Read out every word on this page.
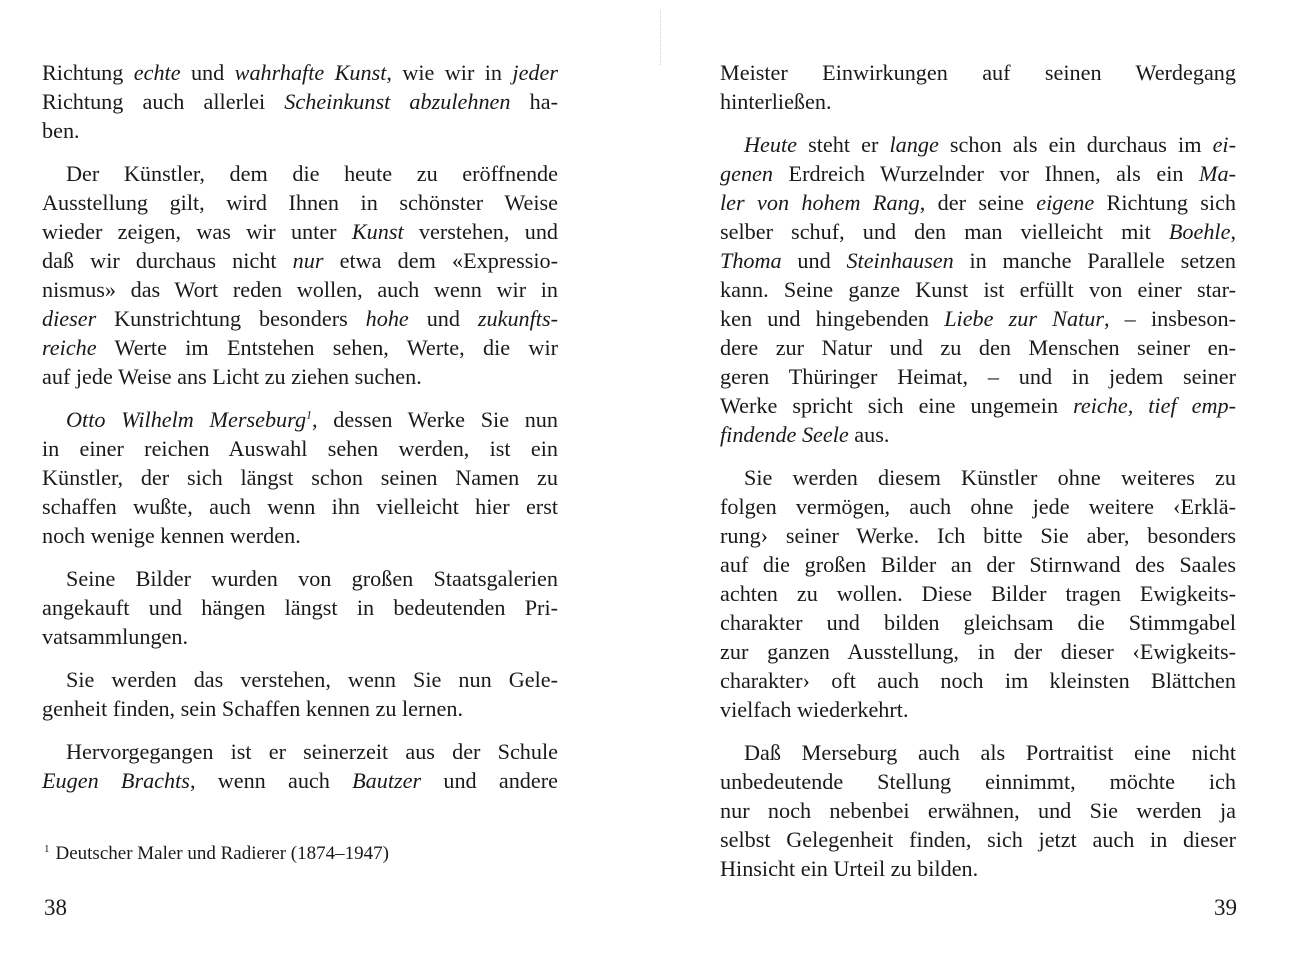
Richtung echte und wahrhafte Kunst, wie wir in jeder
Richtung auch allerlei Scheinkunst abzulehnen ha-
ben.

Der Künstler, dem die heute zu eröffnende
Ausstellung gilt, wird Ihnen in schönster Weise
wieder zeigen, was wir unter Kunst verstehen, und
daß wir durchaus nicht nur etwa dem «Expressio-
nismus» das Wort reden wollen, auch wenn wir in
dieser Kunstrichtung besonders hohe und zukunfts-
reiche Werte im Entstehen sehen, Werte, die wir
auf jede Weise ans Licht zu ziehen suchen.

Otto Wilhelm Merseburg$^1$, dessen Werke Sie nun
in einer reichen Auswahl sehen werden, ist ein
Künstler, der sich längst schon seinen Namen zu
schaffen wußte, auch wenn ihn vielleicht hier erst
noch wenige kennen werden.

Seine Bilder wurden von großen Staatsgalerien
angekauft und hängen längst in bedeutenden Pri-
vatsammlungen.

Sie werden das verstehen, wenn Sie nun Gele-
genheit finden, sein Schaffen kennen zu lernen.

Hervorgegangen ist er seinerzeit aus der Schule
Eugen Brachts, wenn auch Bautzer und andere

Meister Einwirkungen auf seinen Werdegang
hinterließen.

Heute steht er lange schon als ein durchaus im ei-
genen Erdreich Wurzelnder vor Ihnen, als ein Ma-
ler von hohem Rang, der seine eigene Richtung sich
selber schuf, und den man vielleicht mit Boehle,
Thoma und Steinhausen in manche Parallele setzen
kann. Seine ganze Kunst ist erfüllt von einer star-
ken und hingebenden Liebe zur Natur, – insbeson-
dere zur Natur und zu den Menschen seiner en-
geren Thüringer Heimat, – und in jedem seiner
Werke spricht sich eine ungemein reiche, tief emp-
findende Seele aus.

Sie werden diesem Künstler ohne weiteres zu
folgen vermögen, auch ohne jede weitere ‹Erklä-
rung› seiner Werke. Ich bitte Sie aber, besonders
auf die großen Bilder an der Stirnwand des Saales
achten zu wollen. Diese Bilder tragen Ewigkeits-
charakter und bilden gleichsam die Stimmgabel
zur ganzen Ausstellung, in der dieser ‹Ewigkeits-
charakter› oft auch noch im kleinsten Blättchen
vielfach wiederkehrt.

Daß Merseburg auch als Portraitist eine nicht
unbedeutende Stellung einnimmt, möchte ich
nur noch nebenbei erwähnen, und Sie werden ja
selbst Gelegenheit finden, sich jetzt auch in dieser
Hinsicht ein Urteil zu bilden.

$^1$ Deutscher Maler und Radierer (1874–1947)
38	39
